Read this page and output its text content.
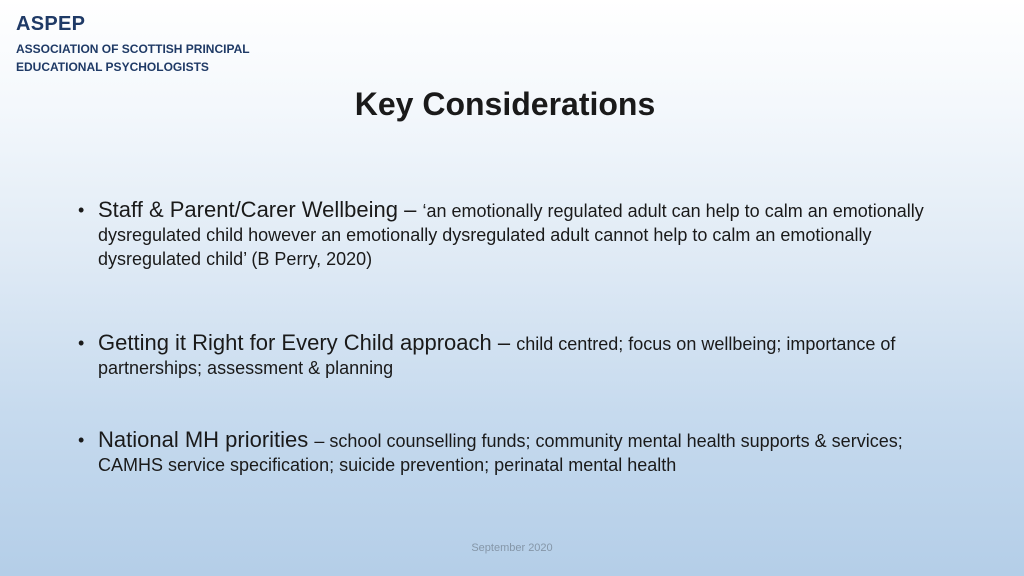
ASPEP
ASSOCIATION OF SCOTTISH PRINCIPAL
EDUCATIONAL PSYCHOLOGISTS
Key Considerations
• Staff & Parent/Carer Wellbeing – ‘an emotionally regulated adult can help to calm an emotionally dysregulated child however an emotionally dysregulated adult cannot help to calm an emotionally dysregulated child’ (B Perry, 2020)
• Getting it Right for Every Child approach – child centred; focus on wellbeing; importance of partnerships; assessment & planning
• National MH priorities – school counselling funds; community mental health supports & services; CAMHS service specification; suicide prevention; perinatal mental health
September 2020
